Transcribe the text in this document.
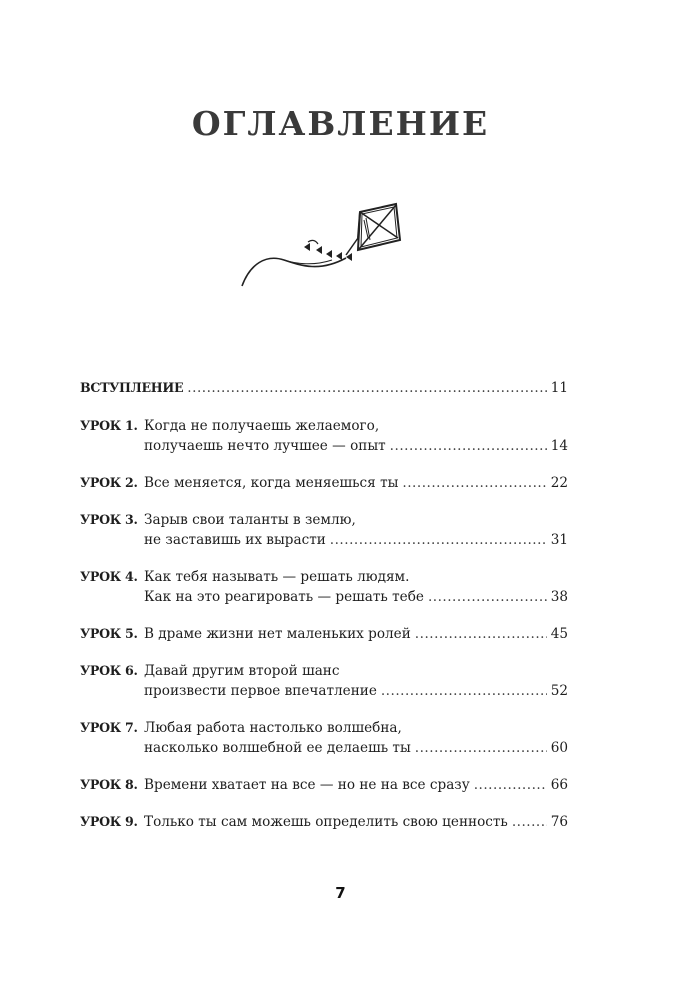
ОГЛАВЛЕНИЕ
ВСТУПЛЕНИЕ .....	11
УРОК 1. Когда не получаешь желаемого,
получаешь нечто лучшее — опыт .....	14
УРОК 2. Все меняется, когда меняешься ты .....	22
УРОК 3. Зарыв свои таланты в землю,
не заставишь их вырасти .....	31
УРОК 4. Как тебя называть — решать людям.
Как на это реагировать — решать тебе .....	38
УРОК 5. В драме жизни нет маленьких ролей .....	45
УРОК 6. Давай другим второй шанс
произвести первое впечатление .....	52
УРОК 7. Любая работа настолько волшебна,
насколько волшебной ее делаешь ты .....	60
УРОК 8. Времени хватает на все — но не на все сразу .....	66
УРОК 9. Только ты сам можешь определить свою ценность .....	76
7
